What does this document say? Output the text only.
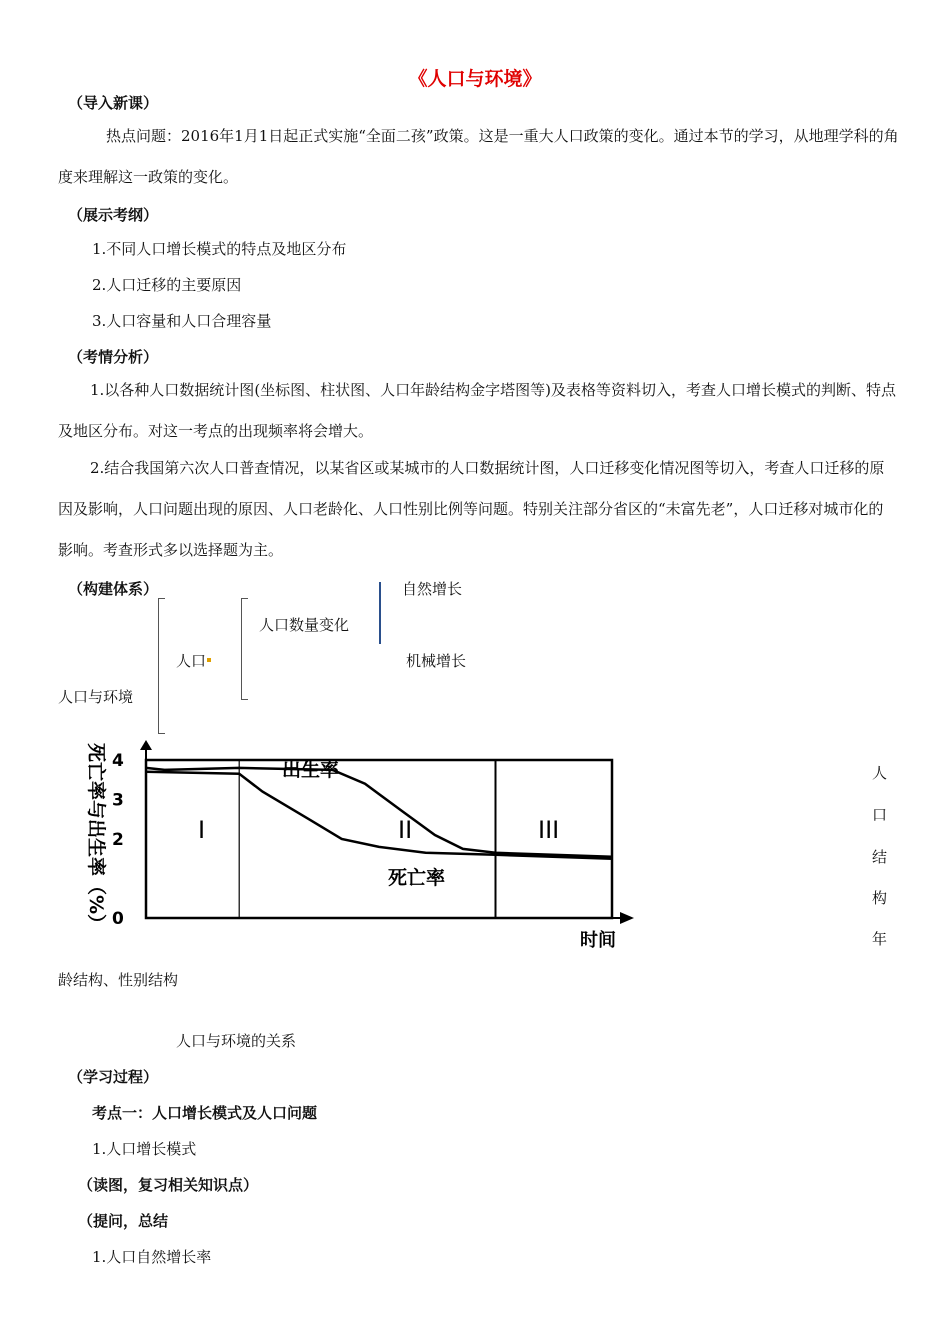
《人口与环境》
（导入新课）
热点问题：2016年1月1日起正式实施“全面二孩”政策。这是一重大人口政策的变化。通过本节的学习，从地理学科的角度来理解这一政策的变化。
（展示考纲）
1.不同人口增长模式的特点及地区分布
2.人口迁移的主要原因
3.人口容量和人口合理容量
（考情分析）
1.以各种人口数据统计图(坐标图、柱状图、人口年龄结构金字塔图等)及表格等资料切入，考查人口增长模式的判断、特点及地区分布。对这一考点的出现频率将会增大。
2.结合我国第六次人口普查情况，以某省区或某城市的人口数据统计图，人口迁移变化情况图等切入，考查人口迁移的原因及影响，人口问题出现的原因、人口老龄化、人口性别比例等问题。特别关注部分省区的“未富先老”，人口迁移对城市化的影响。考查形式多以选择题为主。
（构建体系）	自然增长
人口数量变化
人口	机械增长
人口与环境
人
口
结
构
年
龄结构、性别结构
人口与环境的关系
4
3
2
0
死亡率与出生率（%）
时间
I	II	III
出生率
死亡率
（学习过程）
考点一：人口增长模式及人口问题
1.人口增长模式
（读图，复习相关知识点）
（提问，总结
1.人口自然增长率
